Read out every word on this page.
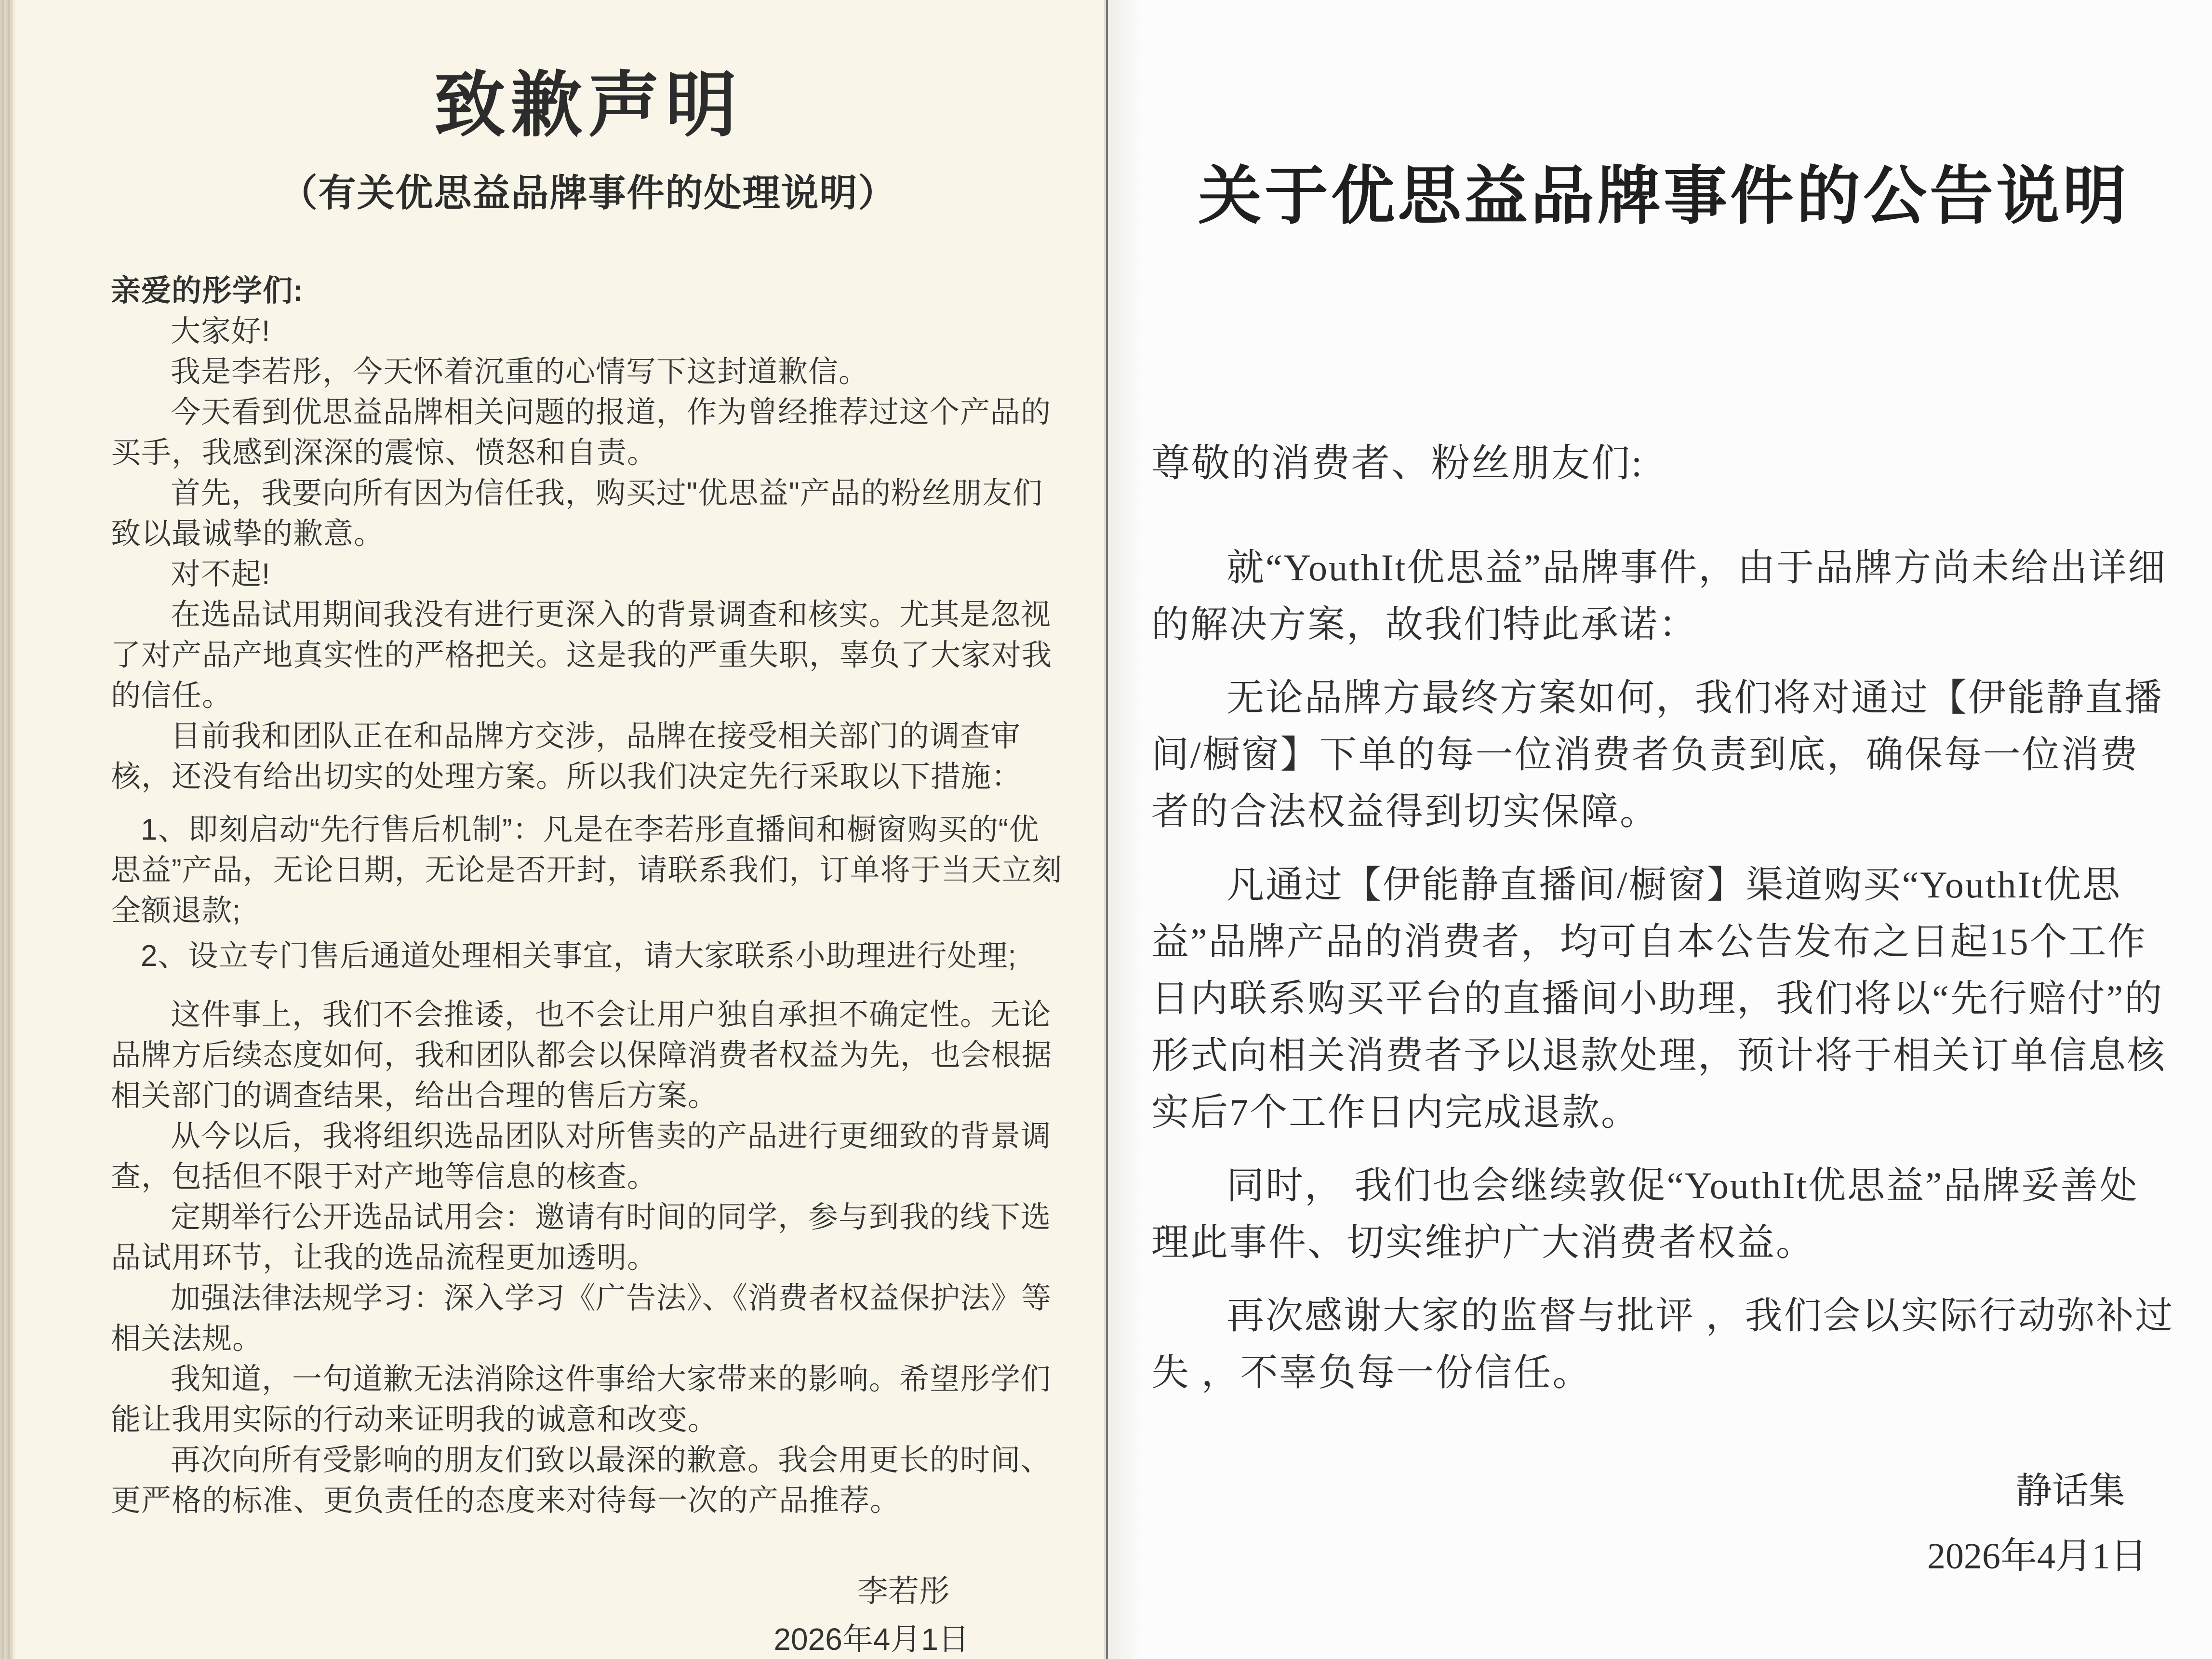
致歉声明
（有关优思益品牌事件的处理说明）

亲爱的彤学们:

大家好!

我是李若彤，今天怀着沉重的心情写下这封道歉信。

今天看到优思益品牌相关问题的报道，作为曾经推荐过这个产品的买手，我感到深深的震惊、愤怒和自责。

首先，我要向所有因为信任我，购买过"优思益"产品的粉丝朋友们致以最诚挚的歉意。

对不起!

在选品试用期间我没有进行更深入的背景调查和核实。尤其是忽视了对产品产地真实性的严格把关。这是我的严重失职，辜负了大家对我的信任。

目前我和团队正在和品牌方交涉，品牌在接受相关部门的调查审核，还没有给出切实的处理方案。所以我们决定先行采取以下措施：

1、即刻启动“先行售后机制”：凡是在李若彤直播间和橱窗购买的“优思益”产品，无论日期，无论是否开封，请联系我们，订单将于当天立刻全额退款;

2、设立专门售后通道处理相关事宜，请大家联系小助理进行处理;

这件事上，我们不会推诿，也不会让用户独自承担不确定性。无论品牌方后续态度如何，我和团队都会以保障消费者权益为先，也会根据相关部门的调查结果，给出合理的售后方案。

从今以后，我将组织选品团队对所售卖的产品进行更细致的背景调查，包括但不限于对产地等信息的核查。

定期举行公开选品试用会：邀请有时间的同学，参与到我的线下选品试用环节，让我的选品流程更加透明。

加强法律法规学习：深入学习《广告法》、《消费者权益保护法》等相关法规。

我知道，一句道歉无法消除这件事给大家带来的影响。希望彤学们能让我用实际的行动来证明我的诚意和改变。

再次向所有受影响的朋友们致以最深的歉意。我会用更长的时间、更严格的标准、更负责任的态度来对待每一次的产品推荐。

李若彤

2026年4月1日

关于优思益品牌事件的公告说明

尊敬的消费者、粉丝朋友们:

就“YouthIt优思益”品牌事件，由于品牌方尚未给出详细的解决方案，故我们特此承诺：

无论品牌方最终方案如何，我们将对通过【伊能静直播间/橱窗】下单的每一位消费者负责到底，确保每一位消费者的合法权益得到切实保障。

凡通过【伊能静直播间/橱窗】渠道购买“YouthIt优思益”品牌产品的消费者，均可自本公告发布之日起15个工作日内联系购买平台的直播间小助理，我们将以“先行赔付”的形式向相关消费者予以退款处理，预计将于相关订单信息核实后7个工作日内完成退款。

同时， 我们也会继续敦促“YouthIt优思益”品牌妥善处理此事件、切实维护广大消费者权益。

再次感谢大家的监督与批评 ，我们会以实际行动弥补过失 ，不辜负每一份信任。

静话集

2026年4月1日
